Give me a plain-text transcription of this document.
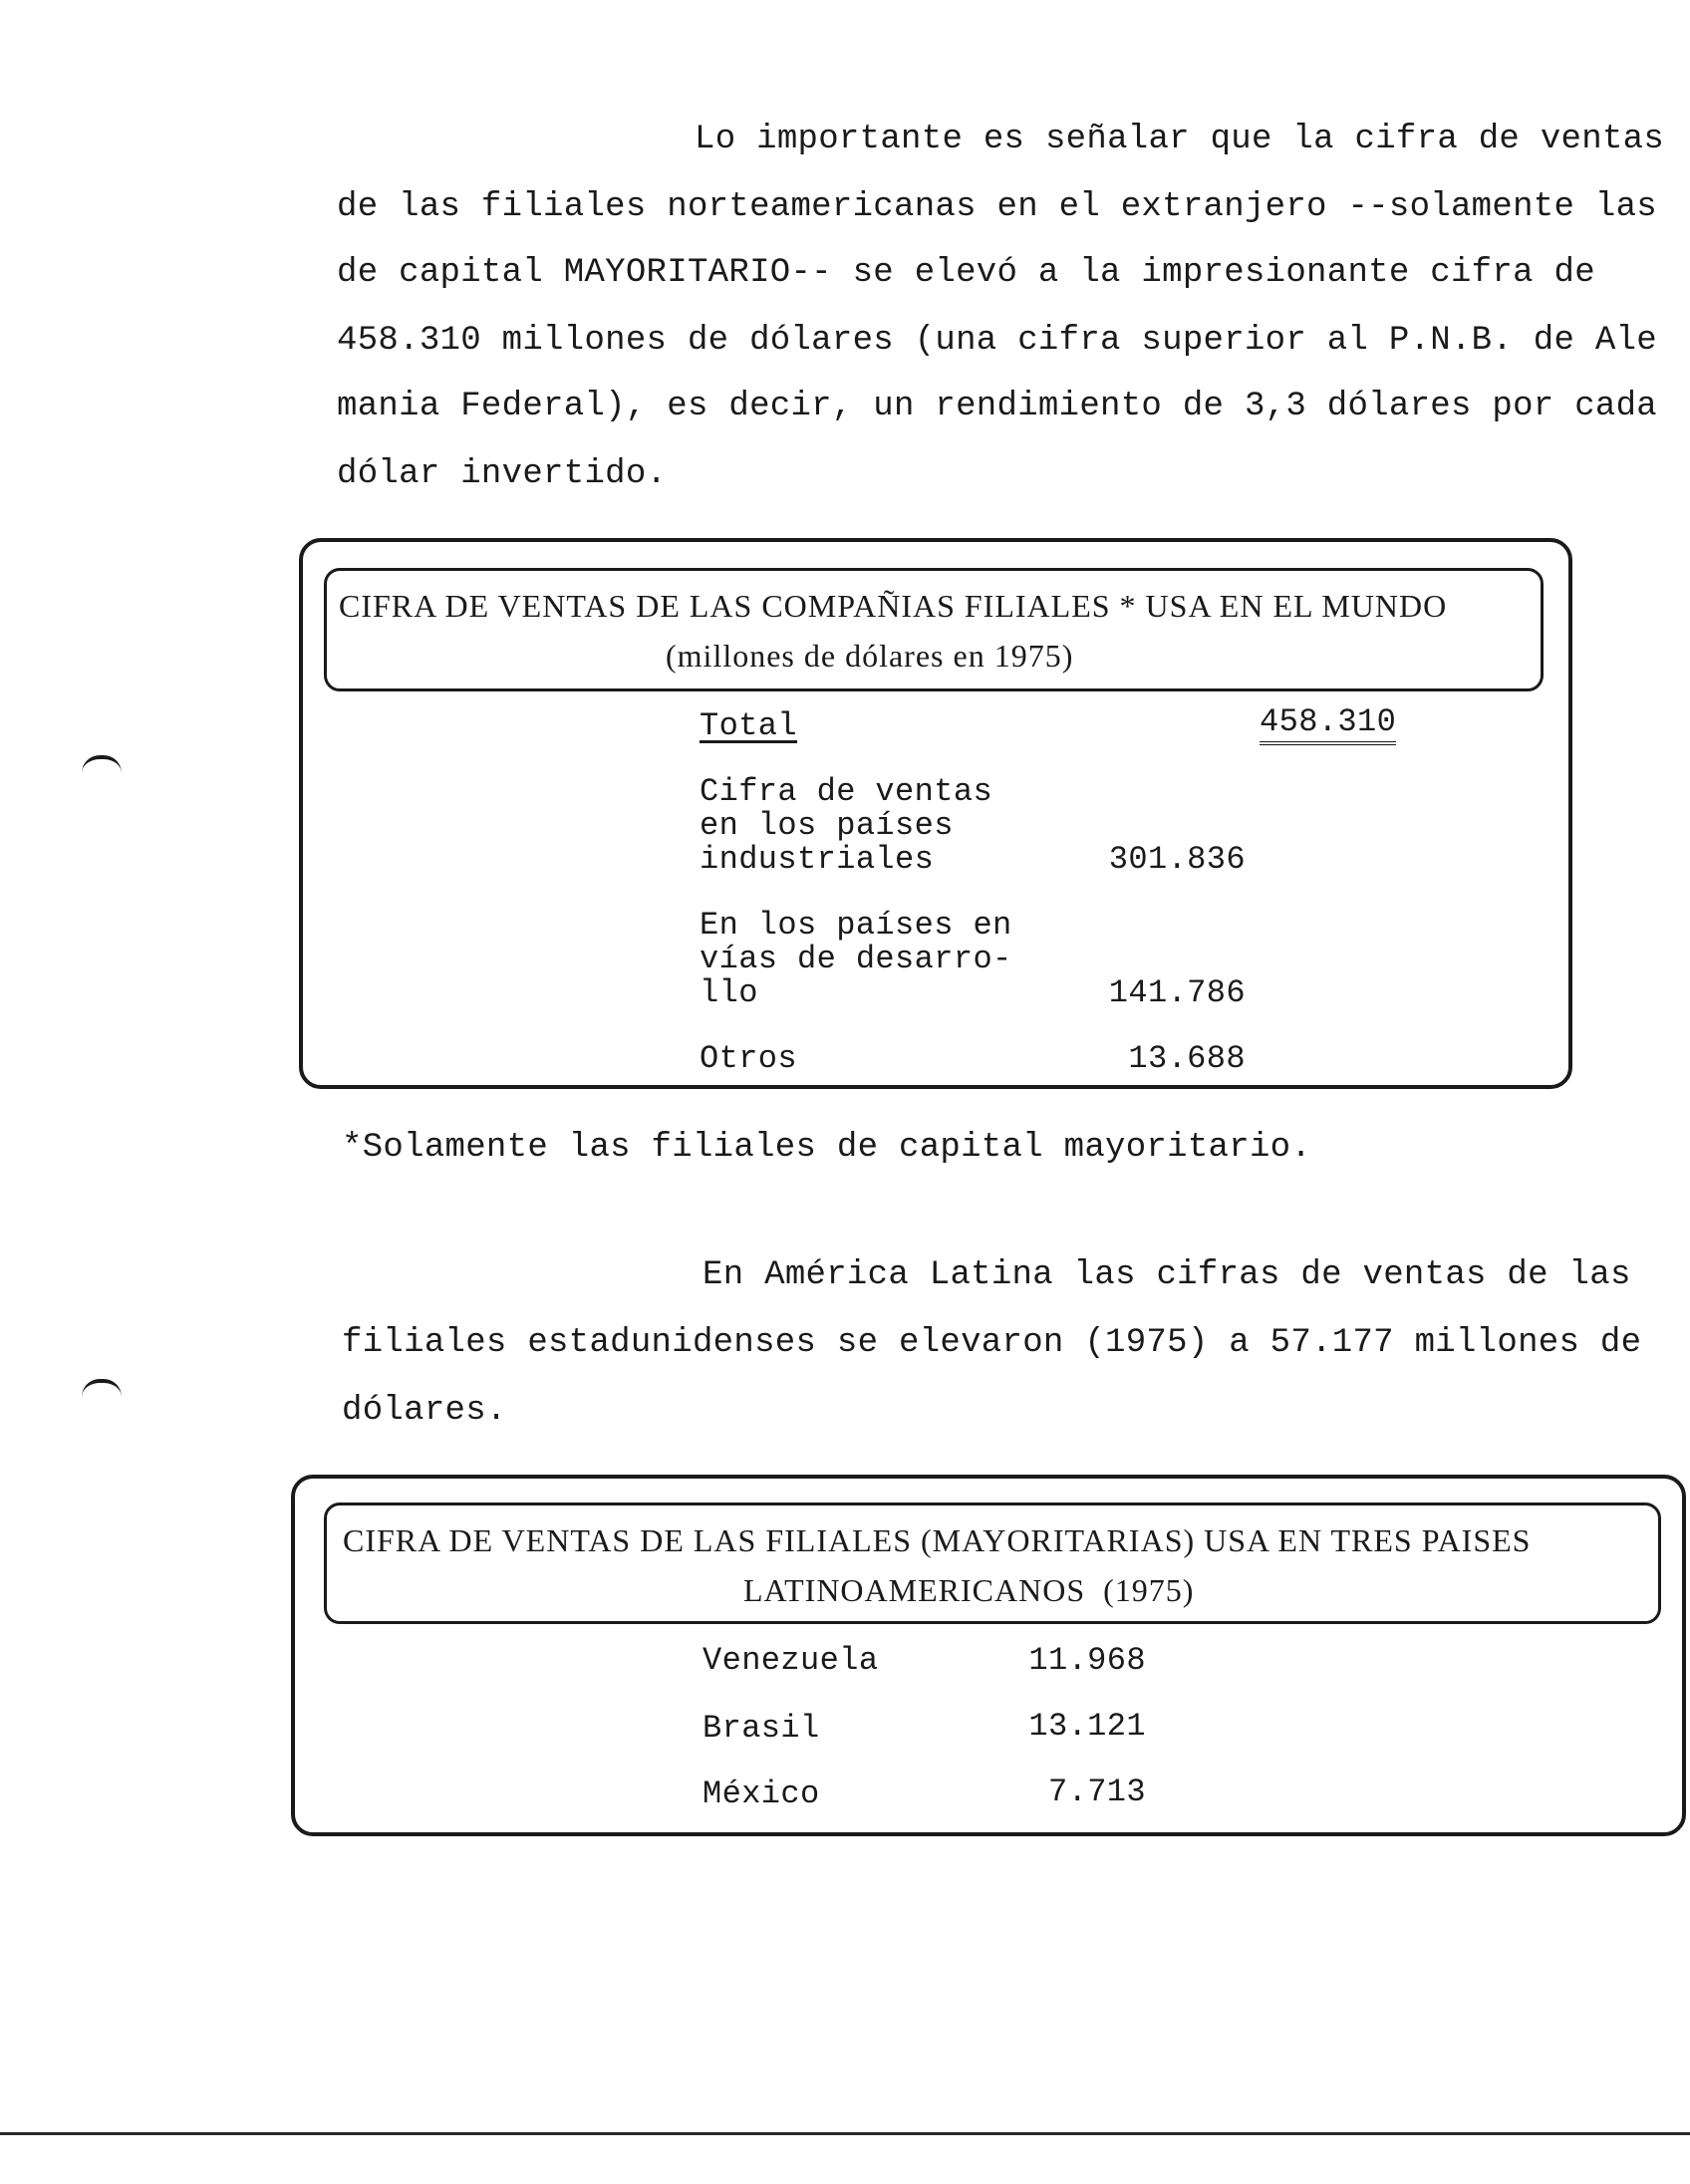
Lo importante es señalar que la cifra de ventas
de las filiales norteamericanas en el extranjero --solamente las
de capital MAYORITARIO-- se elevó a la impresionante cifra de
458.310 millones de dólares (una cifra superior al P.N.B. de Ale
mania Federal), es decir, un rendimiento de 3,3 dólares por cada
dólar invertido.
CIFRA DE VENTAS DE LAS COMPAÑIAS FILIALES * USA EN EL MUNDO
(millones de dólares en 1975)
Total	458.310
Cifra de ventas
en los países
industriales	301.836
En los países en
vías de desarro-
llo	141.786
Otros	13.688
*Solamente las filiales de capital mayoritario.
En América Latina las cifras de ventas de las
filiales estadunidenses se elevaron (1975) a 57.177 millones de
dólares.
CIFRA DE VENTAS DE LAS FILIALES (MAYORITARIAS) USA EN TRES PAISES
LATINOAMERICANOS  (1975)
Venezuela	11.968
Brasil	13.121
México	7.713
